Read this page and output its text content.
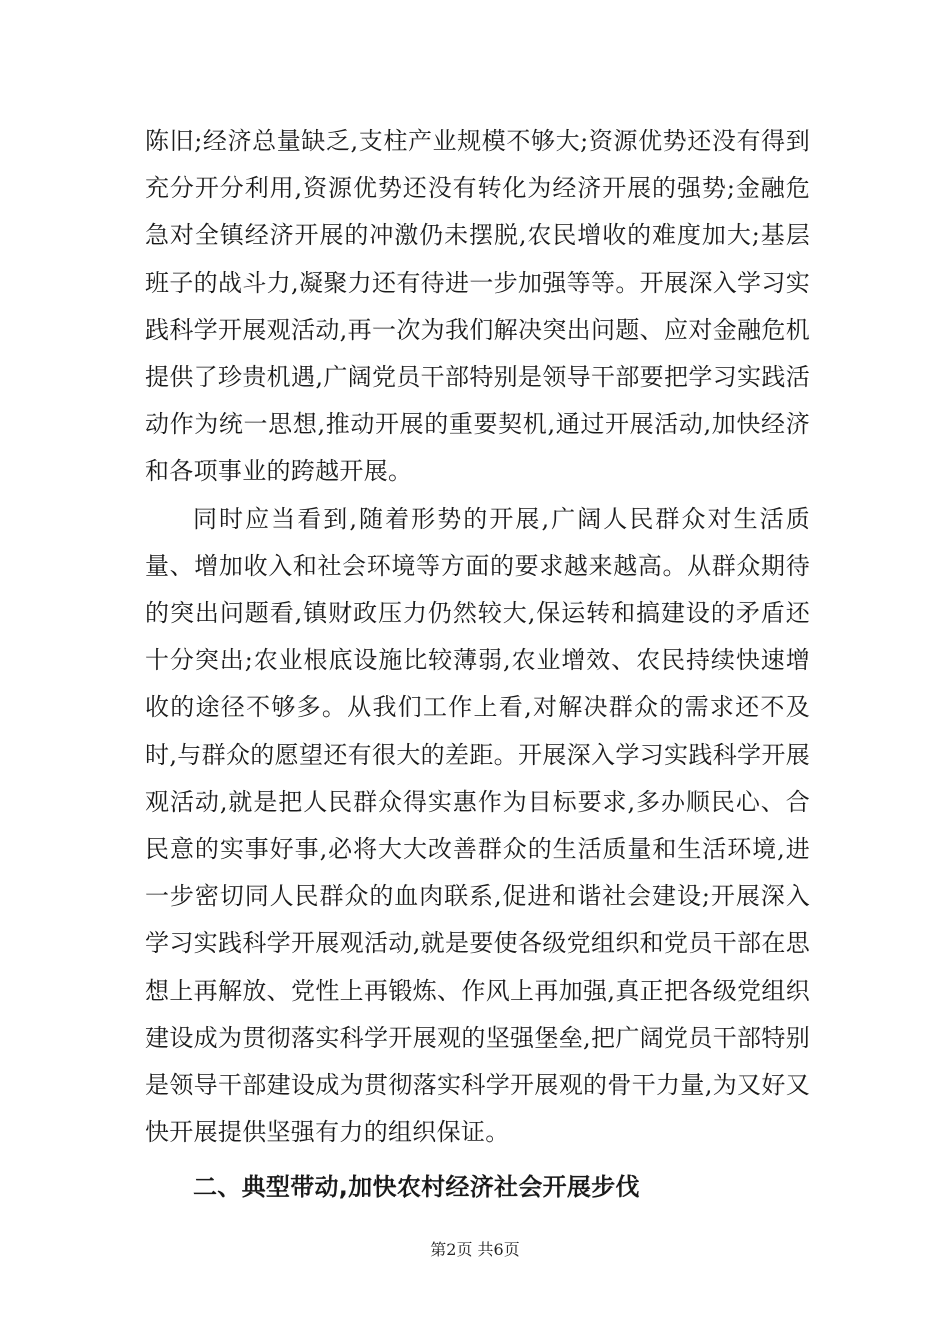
陈旧;经济总量缺乏,支柱产业规模不够大;资源优势还没有得到充分开分利用,资源优势还没有转化为经济开展的强势;金融危急对全镇经济开展的冲激仍未摆脱,农民增收的难度加大;基层班子的战斗力,凝聚力还有待进一步加强等等。开展深入学习实践科学开展观活动,再一次为我们解决突出问题、应对金融危机提供了珍贵机遇,广阔党员干部特别是领导干部要把学习实践活动作为统一思想,推动开展的重要契机,通过开展活动,加快经济和各项事业的跨越开展。

同时应当看到,随着形势的开展,广阔人民群众对生活质量、增加收入和社会环境等方面的要求越来越高。从群众期待的突出问题看,镇财政压力仍然较大,保运转和搞建设的矛盾还十分突出;农业根底设施比较薄弱,农业增效、农民持续快速增收的途径不够多。从我们工作上看,对解决群众的需求还不及时,与群众的愿望还有很大的差距。开展深入学习实践科学开展观活动,就是把人民群众得实惠作为目标要求,多办顺民心、合民意的实事好事,必将大大改善群众的生活质量和生活环境,进一步密切同人民群众的血肉联系,促进和谐社会建设;开展深入学习实践科学开展观活动,就是要使各级党组织和党员干部在思想上再解放、党性上再锻炼、作风上再加强,真正把各级党组织建设成为贯彻落实科学开展观的坚强堡垒,把广阔党员干部特别是领导干部建设成为贯彻落实科学开展观的骨干力量,为又好又快开展提供坚强有力的组织保证。

二、典型带动,加快农村经济社会开展步伐
第2页 共6页
